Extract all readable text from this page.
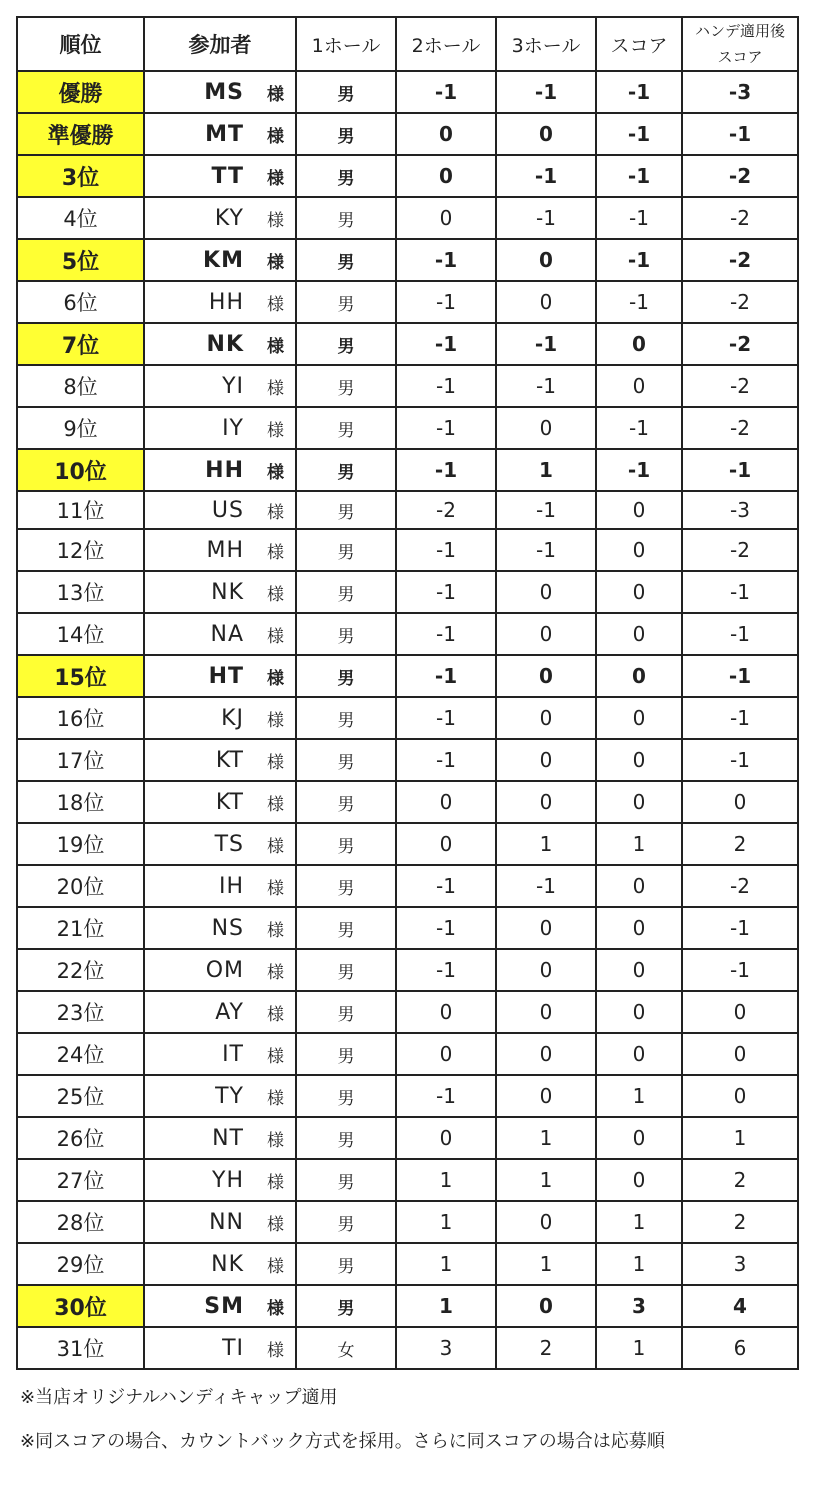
順位	参加者		1ホール	2ホール	3ホール	スコア	ハンデ適用後
スコア	

優勝	MS	様	男	-1	-1	-1	-3	
準優勝	MT	様	男	0	0	-1	-1	
3位	TT	様	男	0	-1	-1	-2	
4位	KY	様	男	0	-1	-1	-2	
5位	KM	様	男	-1	0	-1	-2	
6位	HH	様	男	-1	0	-1	-2	
7位	NK	様	男	-1	-1	0	-2	
8位	YI	様	男	-1	-1	0	-2	
9位	IY	様	男	-1	0	-1	-2	
10位	HH	様	男	-1	1	-1	-1	
11位	US	様	男	-2	-1	0	-3	
12位	MH	様	男	-1	-1	0	-2	
13位	NK	様	男	-1	0	0	-1	
14位	NA	様	男	-1	0	0	-1	
15位	HT	様	男	-1	0	0	-1	
16位	KJ	様	男	-1	0	0	-1	
17位	KT	様	男	-1	0	0	-1	
18位	KT	様	男	0	0	0	0	
19位	TS	様	男	0	1	1	2	
20位	IH	様	男	-1	-1	0	-2	
21位	NS	様	男	-1	0	0	-1	
22位	OM	様	男	-1	0	0	-1	
23位	AY	様	男	0	0	0	0	
24位	IT	様	男	0	0	0	0	
25位	TY	様	男	-1	0	1	0	
26位	NT	様	男	0	1	0	1	
27位	YH	様	男	1	1	0	2	
28位	NN	様	男	1	0	1	2	
29位	NK	様	男	1	1	1	3	
30位	SM	様	男	1	0	3	4	
31位	TI	様	女	3	2	1	6	
※当店オリジナルハンディキャップ適用
※同スコアの場合、カウントバック方式を採用。さらに同スコアの場合は応募順
